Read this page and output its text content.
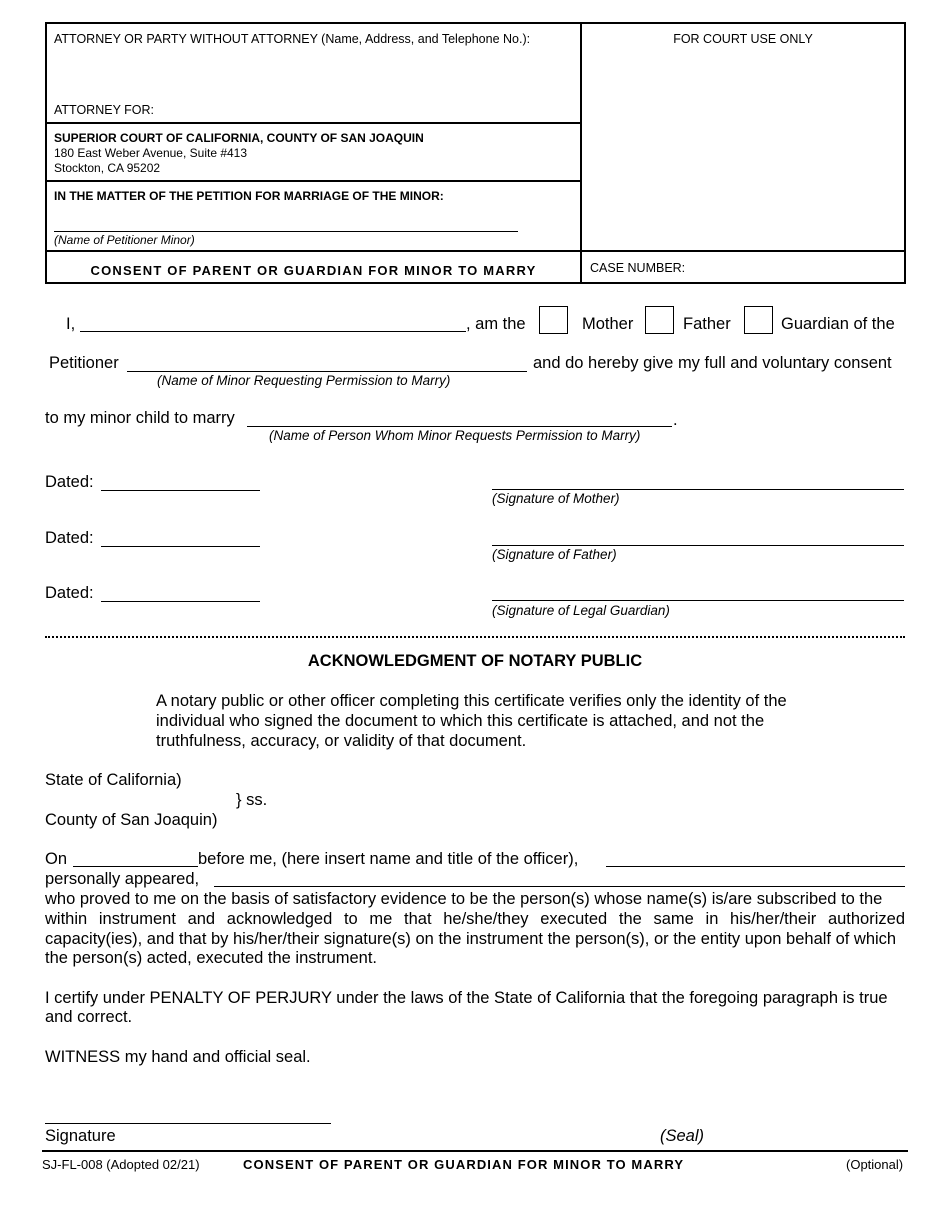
ATTORNEY OR PARTY WITHOUT ATTORNEY (Name, Address, and Telephone No.):
ATTORNEY FOR:
FOR COURT USE ONLY
SUPERIOR COURT OF CALIFORNIA, COUNTY OF SAN JOAQUIN
180 East Weber Avenue, Suite #413
Stockton, CA 95202
IN THE MATTER OF THE PETITION FOR MARRIAGE OF THE MINOR:
(Name of Petitioner Minor)
CONSENT OF PARENT OR GUARDIAN FOR MINOR TO MARRY	CASE NUMBER:
I,	, am the	Mother	Father	Guardian of the
Petitioner	and do hereby give my full and voluntary consent
(Name of Minor Requesting Permission to Marry)
to my minor child to marry	.
(Name of Person Whom Minor Requests Permission to Marry)
Dated:
(Signature of Mother)
Dated:
(Signature of Father)
Dated:
(Signature of Legal Guardian)
ACKNOWLEDGMENT OF NOTARY PUBLIC
A notary public or other officer completing this certificate verifies only the identity of the
individual who signed the document to which this certificate is attached, and not the
truthfulness, accuracy, or validity of that document.
State of California)
} ss.
County of San Joaquin)
On	before me, (here insert name and title of the officer),
personally appeared,
who proved to me on the basis of satisfactory evidence to be the person(s) whose name(s) is/are subscribed to the
within instrument and acknowledged to me that he/she/they executed the same in his/her/their authorized
capacity(ies), and that by his/her/their signature(s) on the instrument the person(s), or the entity upon behalf of which
the person(s) acted, executed the instrument.
I certify under PENALTY OF PERJURY under the laws of the State of California that the foregoing paragraph is true
and correct.
WITNESS my hand and official seal.
Signature	(Seal)
SJ-FL-008 (Adopted 02/21)	CONSENT OF PARENT OR GUARDIAN FOR MINOR TO MARRY	(Optional)
